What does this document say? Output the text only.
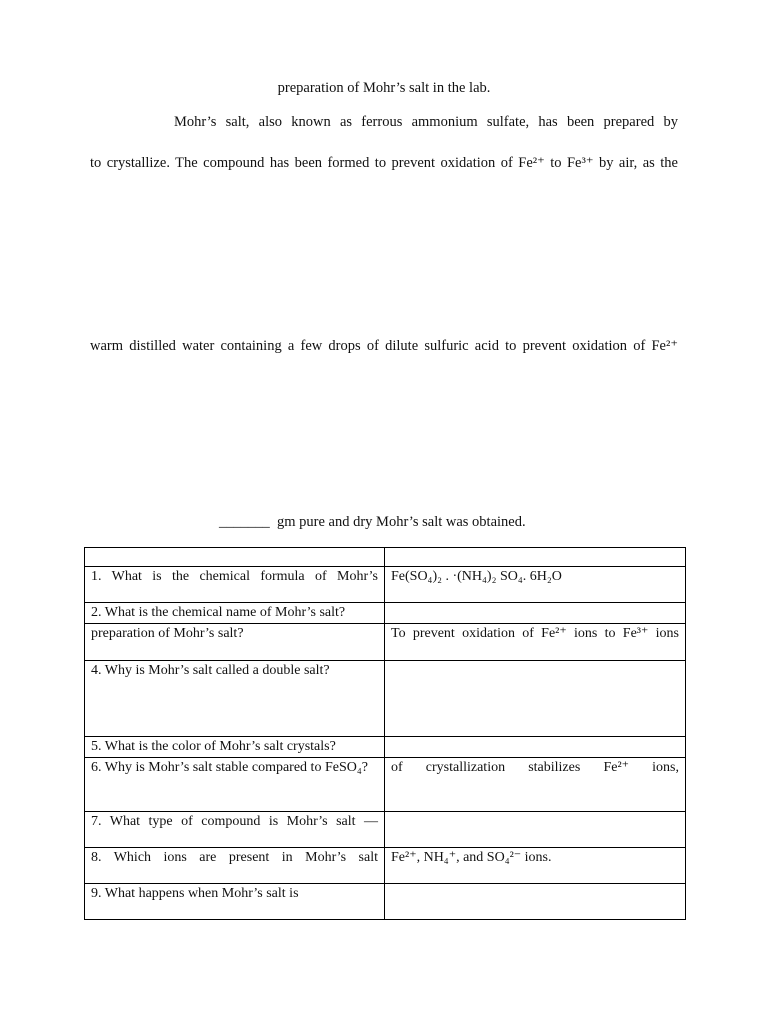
preparation of Mohr’s salt in the lab.
Mohr’s salt, also known as ferrous ammonium sulfate, has been prepared by
to crystallize. The compound has been formed to prevent oxidation of Fe²⁺ to Fe³⁺ by air, as the
warm distilled water containing a few drops of dilute sulfuric acid to prevent oxidation of Fe²⁺
_______ gm pure and dry Mohr’s salt was obtained.

1. What is the chemical formula of Mohr’s	Fe(SO₄)₂ . ·(NH₄)₂ SO₄. 6H₂O
2. What is the chemical name of Mohr’s salt?	
preparation of Mohr’s salt?	To prevent oxidation of Fe²⁺ ions to Fe³⁺ ions
4. Why is Mohr’s salt called a double salt?	
5. What is the color of Mohr’s salt crystals?	
6. Why is Mohr’s salt stable compared to FeSO₄?	of crystallization stabilizes Fe²⁺ ions,
7. What type of compound is Mohr’s salt —	
8. Which ions are present in Mohr’s salt	Fe²⁺, NH₄⁺, and SO₄²⁻ ions.
9. What happens when Mohr’s salt is	
